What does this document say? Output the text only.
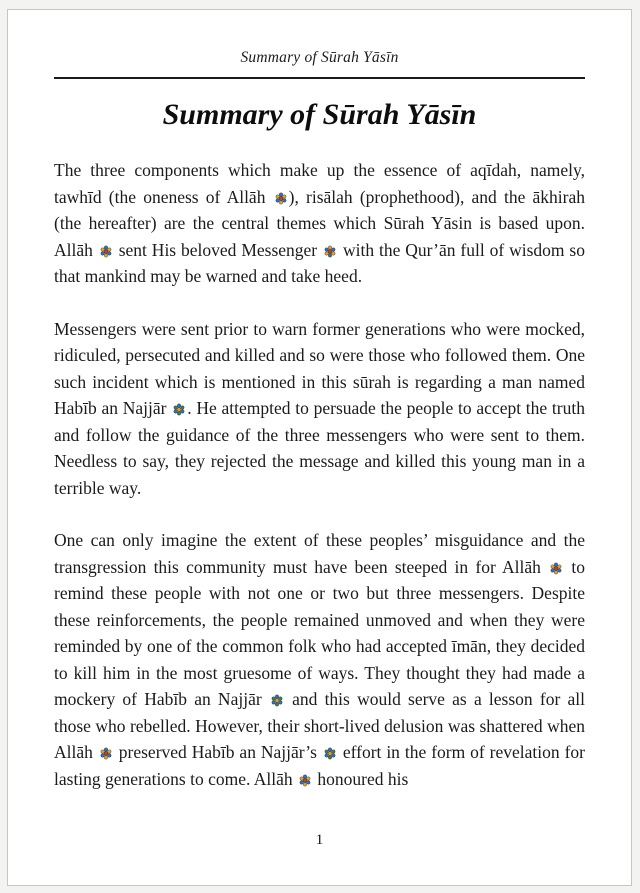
Summary of Sūrah Yāsīn
Summary of Sūrah Yāsīn

The three components which make up the essence of aqīdah, namely, tawhīd (the oneness of Allāh ), risālah (prophethood), and the ākhirah (the hereafter) are the central themes which Sūrah Yāsin is based upon. Allāh  sent His beloved Messenger  with the Qur’ān full of wisdom so that mankind may be warned and take heed.

Messengers were sent prior to warn former generations who were mocked, ridiculed, persecuted and killed and so were those who followed them. One such incident which is mentioned in this sūrah is regarding a man named Habīb an Najjār . He attempted to persuade the people to accept the truth and follow the guidance of the three messengers who were sent to them. Needless to say, they rejected the message and killed this young man in a terrible way.

One can only imagine the extent of these peoples’ misguidance and the transgression this community must have been steeped in for Allāh  to remind these people with not one or two but three messengers. Despite these reinforcements, the people remained unmoved and when they were reminded by one of the common folk who had accepted īmān, they decided to kill him in the most gruesome of ways. They thought they had made a mockery of Habīb an Najjār  and this would serve as a lesson for all those who rebelled. However, their short-lived delusion was shattered when Allāh  preserved Habīb an Najjār’s  effort in the form of revelation for lasting generations to come. Allāh  honoured his

1
